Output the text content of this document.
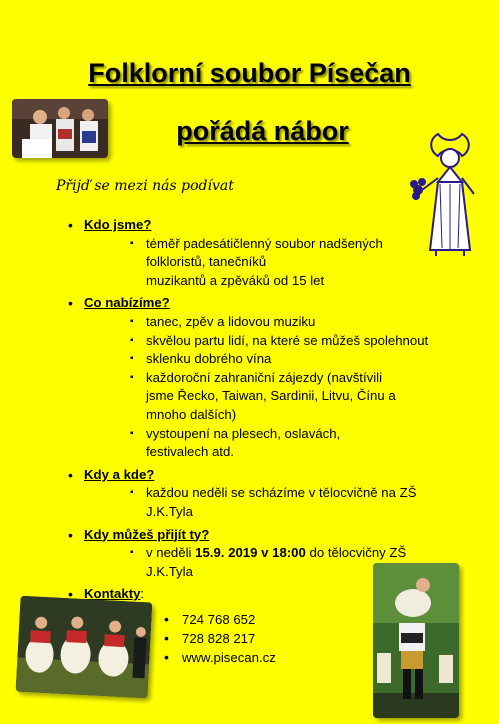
Folklorní soubor Písečan
pořádá nábor
Přijď se mezi nás podívat
• Kdo jsme?
▪ téměř padesátičlenný soubor nadšených folkloristů, tanečníků
muzikantů a zpěváků od 15 let
• Co nabízíme?
▪ tanec, zpěv a lidovou muziku
▪ skvělou partu lidí, na které se můžeš spolehnout
▪ sklenku dobrého vína
▪ každoroční zahraniční zájezdy (navštívili jsme Řecko, Taiwan, Sardinii, Litvu, Čínu a mnoho dalších)
▪ vystoupení na plesech, oslavách, festivalech atd.
• Kdy a kde?
▪ každou neděli se scházíme v tělocvičně na ZŠ J.K.Tyla
• Kdy můžeš přijít ty?
▪ v neděli 15.9. 2019 v 18:00 do tělocvičny ZŠ J.K.Tyla
• Kontakty:
• 724 768 652
• 728 828 217
• www.pisecan.cz
